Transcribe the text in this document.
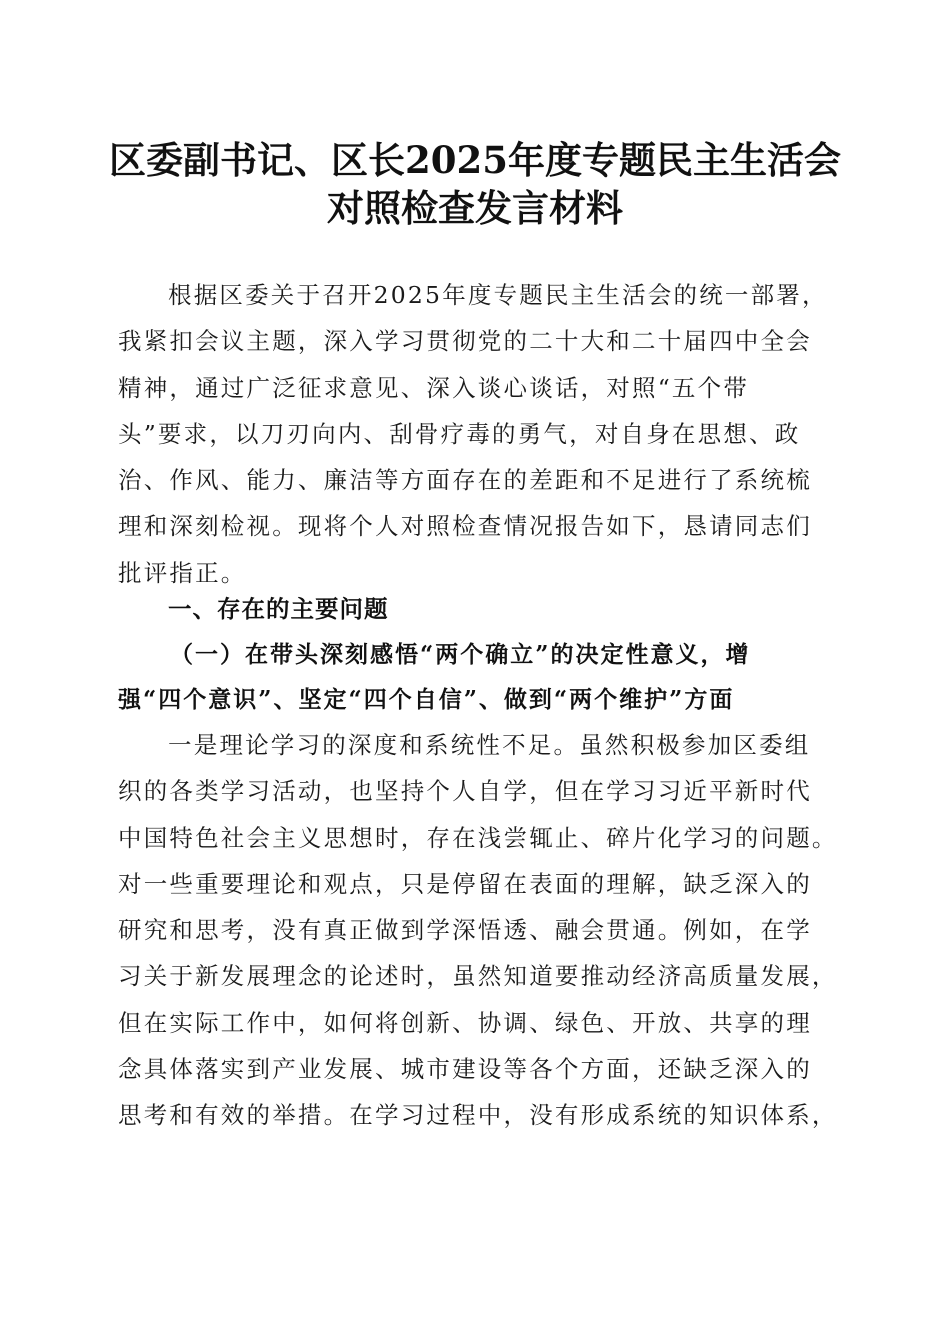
区委副书记、区长2025年度专题民主生活会
对照检查发言材料
根据区委关于召开2025年度专题民主生活会的统一部署，
我紧扣会议主题，深入学习贯彻党的二十大和二十届四中全会
精神，通过广泛征求意见、深入谈心谈话，对照“五个带
头”要求，以刀刃向内、刮骨疗毒的勇气，对自身在思想、政
治、作风、能力、廉洁等方面存在的差距和不足进行了系统梳
理和深刻检视。现将个人对照检查情况报告如下，恳请同志们
批评指正。
一、存在的主要问题
（一）在带头深刻感悟“两个确立”的决定性意义，增
强“四个意识”、坚定“四个自信”、做到“两个维护”方面
一是理论学习的深度和系统性不足。虽然积极参加区委组
织的各类学习活动，也坚持个人自学，但在学习习近平新时代
中国特色社会主义思想时，存在浅尝辄止、碎片化学习的问题。
对一些重要理论和观点，只是停留在表面的理解，缺乏深入的
研究和思考，没有真正做到学深悟透、融会贯通。例如，在学
习关于新发展理念的论述时，虽然知道要推动经济高质量发展，
但在实际工作中，如何将创新、协调、绿色、开放、共享的理
念具体落实到产业发展、城市建设等各个方面，还缺乏深入的
思考和有效的举措。在学习过程中，没有形成系统的知识体系，
